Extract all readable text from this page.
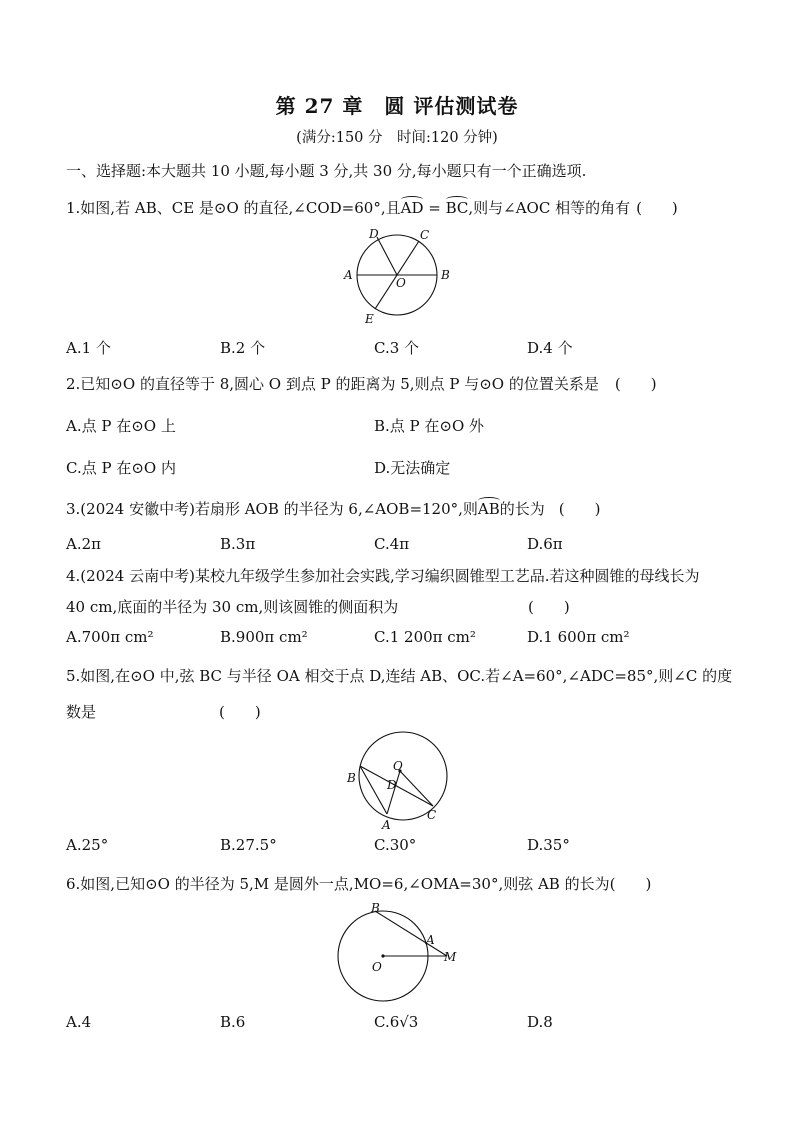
第 27 章　圆 评估测试卷
(满分:150 分　时间:120 分钟)
一、选择题:本大题共 10 小题,每小题 3 分,共 30 分,每小题只有一个正确选项.
1.如图,若 AB、CE 是⊙O 的直径,∠COD=60°,且AD = BC,则与∠AOC 相等的角有 (　　)
D	C
A	B
O
E
A.1 个	B.2 个	C.3 个	D.4 个
2.已知⊙O 的直径等于 8,圆心 O 到点 P 的距离为 5,则点 P 与⊙O 的位置关系是 (　　)
A.点 P 在⊙O 上	B.点 P 在⊙O 外
C.点 P 在⊙O 内	D.无法确定
3.(2024 安徽中考)若扇形 AOB 的半径为 6,∠AOB=120°,则AB的长为 (　　)
A.2π	B.3π	C.4π	D.6π
4.(2024 云南中考)某校九年级学生参加社会实践,学习编织圆锥型工艺品.若这种圆锥的母线长为
40 cm,底面的半径为 30 cm,则该圆锥的侧面积为	(　　)
A.700π cm²	B.900π cm²	C.1 200π cm²	D.1 600π cm²
5.如图,在⊙O 中,弦 BC 与半径 OA 相交于点 D,连结 AB、OC.若∠A=60°,∠ADC=85°,则∠C 的度
数是	(　　)
O
B	D
C
A
A.25°	B.27.5°	C.30°	D.35°
6.如图,已知⊙O 的半径为 5,M 是圆外一点,MO=6,∠OMA=30°,则弦 AB 的长为(　　)
B
A
O
M
A.4	B.6	C.6√3	D.8
